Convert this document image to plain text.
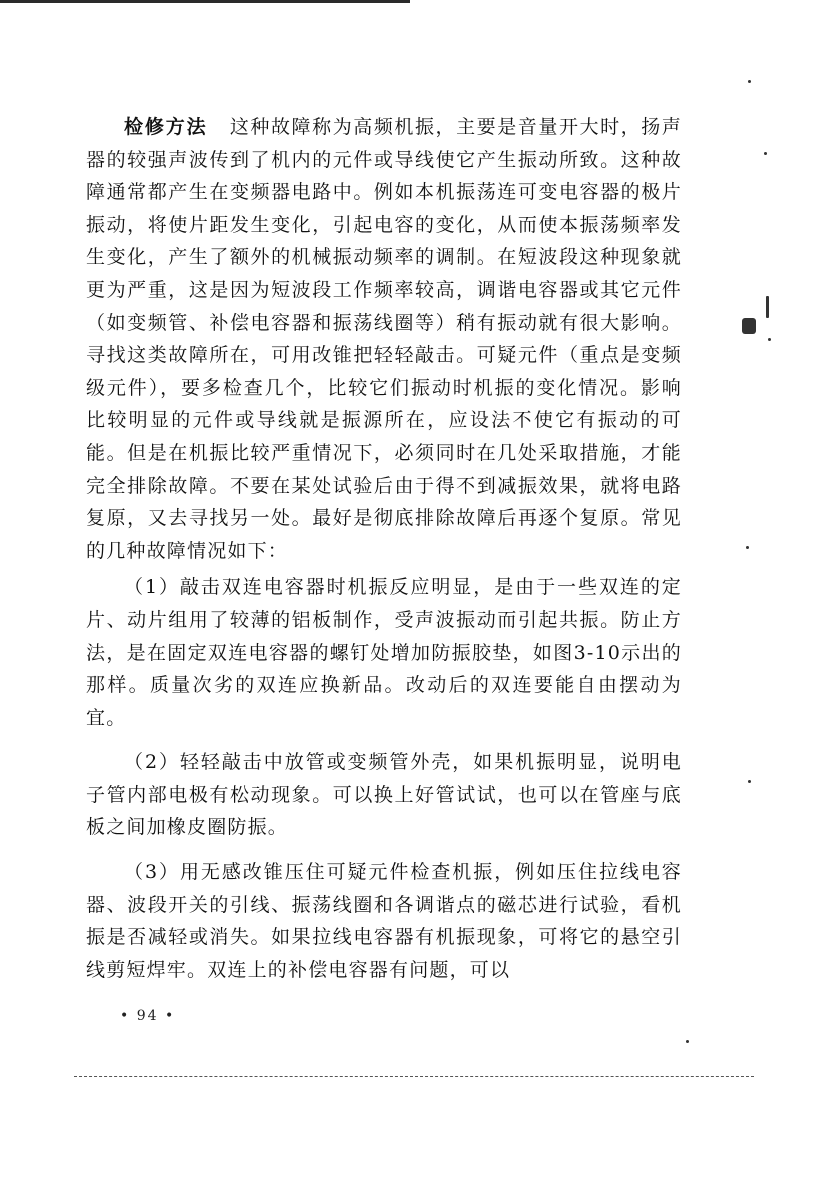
检修方法 这种故障称为高频机振，主要是音量开大时，扬声器的较强声波传到了机内的元件或导线使它产生振动所致。这种故障通常都产生在变频器电路中。例如本机振荡连可变电容器的极片振动，将使片距发生变化，引起电容的变化，从而使本振荡频率发生变化，产生了额外的机械振动频率的调制。在短波段这种现象就更为严重，这是因为短波段工作频率较高，调谐电容器或其它元件（如变频管、补偿电容器和振荡线圈等）稍有振动就有很大影响。寻找这类故障所在，可用改锥把轻轻敲击。可疑元件（重点是变频级元件），要多检查几个，比较它们振动时机振的变化情况。影响比较明显的元件或导线就是振源所在，应设法不使它有振动的可能。但是在机振比较严重情况下，必须同时在几处采取措施，才能完全排除故障。不要在某处试验后由于得不到减振效果，就将电路复原，又去寻找另一处。最好是彻底排除故障后再逐个复原。常见的几种故障情况如下：

（1）敲击双连电容器时机振反应明显，是由于一些双连的定片、动片组用了较薄的铝板制作，受声波振动而引起共振。防止方法，是在固定双连电容器的螺钉处增加防振胶垫，如图3-10示出的那样。质量次劣的双连应换新品。改动后的双连要能自由摆动为宜。

（2）轻轻敲击中放管或变频管外壳，如果机振明显，说明电子管内部电极有松动现象。可以换上好管试试，也可以在管座与底板之间加橡皮圈防振。

（3）用无感改锥压住可疑元件检查机振，例如压住拉线电容器、波段开关的引线、振荡线圈和各调谐点的磁芯进行试验，看机振是否减轻或消失。如果拉线电容器有机振现象，可将它的悬空引线剪短焊牢。双连上的补偿电容器有问题，可以

• 94 •
